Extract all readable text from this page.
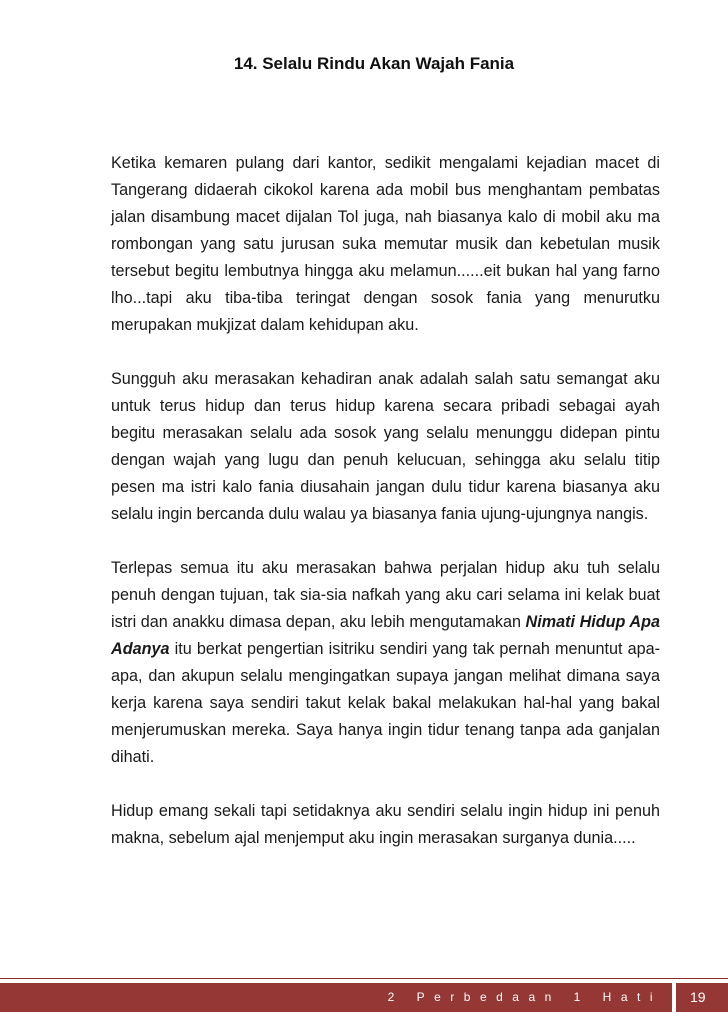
14. Selalu Rindu Akan Wajah Fania

Ketika kemaren pulang dari kantor, sedikit mengalami kejadian macet di Tangerang didaerah cikokol karena ada mobil bus menghantam pembatas jalan disambung macet dijalan Tol juga, nah biasanya kalo di mobil aku ma rombongan yang satu jurusan suka memutar musik dan kebetulan musik tersebut begitu lembutnya hingga aku melamun......eit bukan hal yang farno lho...tapi aku tiba-tiba teringat dengan sosok fania yang menurutku merupakan mukjizat dalam kehidupan aku.

Sungguh aku merasakan kehadiran anak adalah salah satu semangat aku untuk terus hidup dan terus hidup karena secara pribadi sebagai ayah begitu merasakan selalu ada sosok yang selalu menunggu didepan pintu dengan wajah yang lugu dan penuh kelucuan, sehingga aku selalu titip pesen ma istri kalo fania diusahain jangan dulu tidur karena biasanya aku selalu ingin bercanda dulu walau ya biasanya fania ujung-ujungnya nangis.

Terlepas semua itu aku merasakan bahwa perjalan hidup aku tuh selalu penuh dengan tujuan, tak sia-sia nafkah yang aku cari selama ini kelak buat istri dan anakku dimasa depan, aku lebih mengutamakan Nimati Hidup Apa Adanya itu berkat pengertian isitriku sendiri yang tak pernah menuntut apa-apa, dan akupun selalu mengingatkan supaya jangan melihat dimana saya kerja karena saya sendiri takut kelak bakal melakukan hal-hal yang bakal menjerumuskan mereka. Saya hanya ingin tidur tenang tanpa ada ganjalan dihati.

Hidup emang sekali tapi setidaknya aku sendiri selalu ingin hidup ini penuh makna, sebelum ajal menjemput aku ingin merasakan surganya dunia.....

2 Perbedaan 1 Hati	19
